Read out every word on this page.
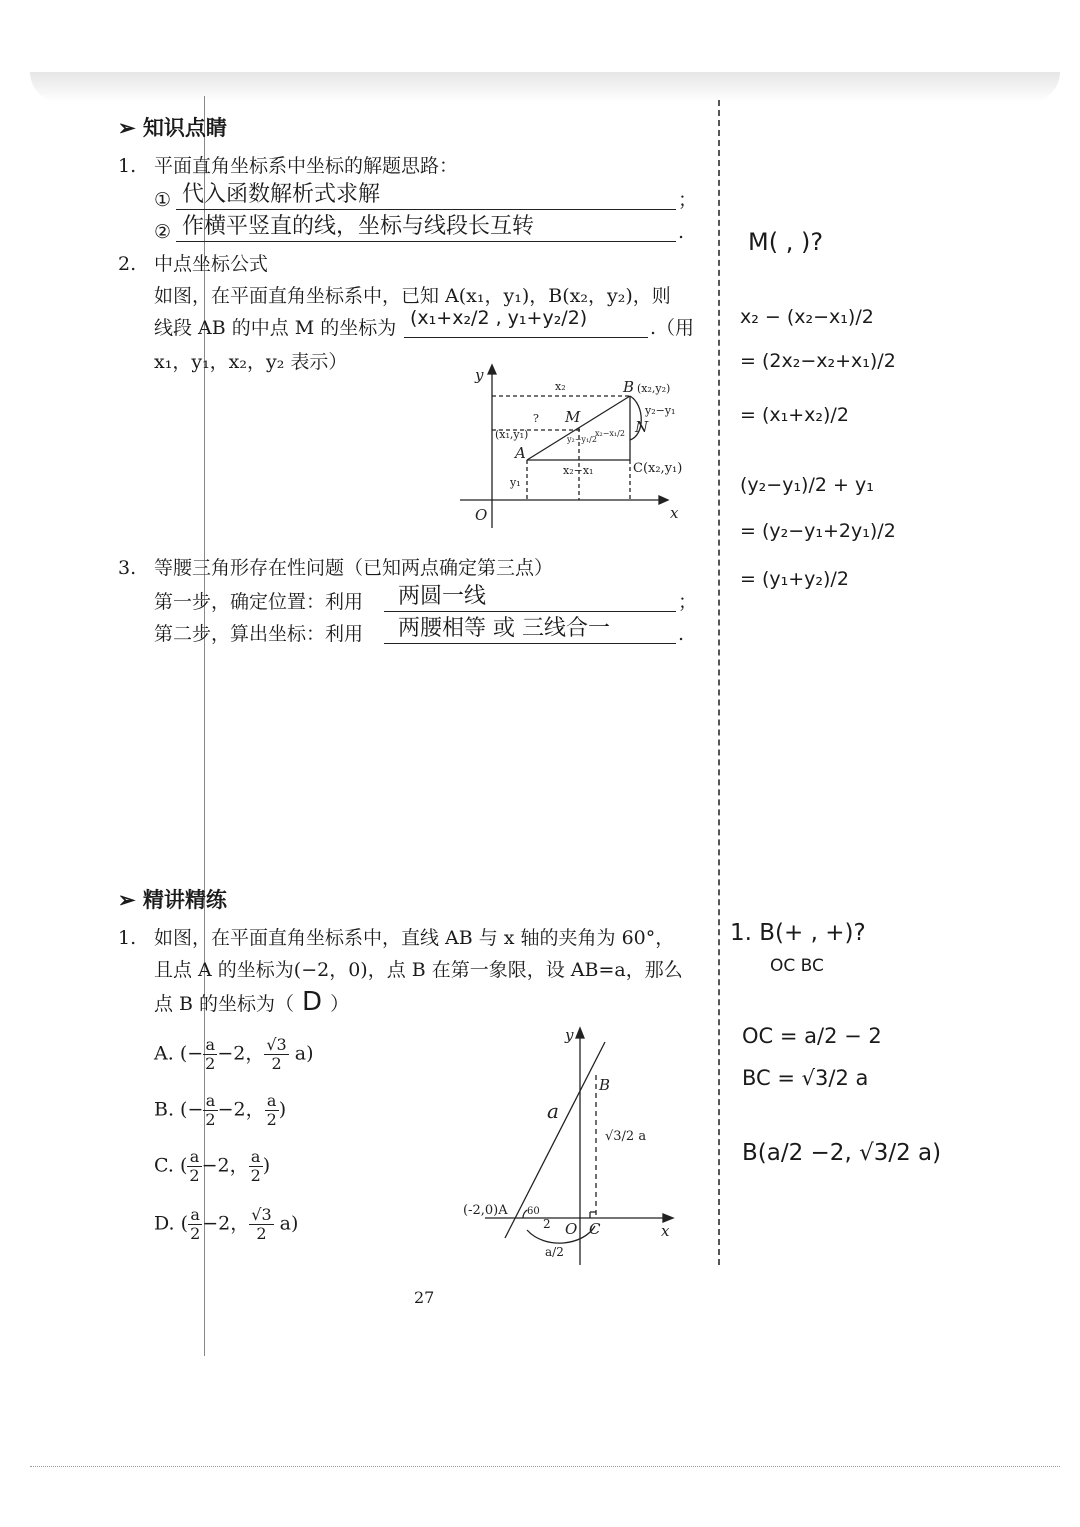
➢ 知识点睛
1. 平面直角坐标系中坐标的解题思路：
① 代入函数解析式求解	；
② 作横平竖直的线，坐标与线段长互转	.
2. 中点坐标公式
如图，在平面直角坐标系中，已知 A(x₁，y₁)，B(x₂，y₂)，则
线段 AB 的中点 M 的坐标为 (x₁+x₂/2 , y₁+y₂/2)	.（用
x₁，y₁，x₂，y₂ 表示）
y
x
O
A
B
M
N
(x₁,y₁)
(x₂,y₂)
C(x₂,y₁)
x₂
?
y₁
x₂−x₁
y₂−y₁
y₂−y₁/2
x₂−x₁/2
3. 等腰三角形存在性问题（已知两点确定第三点）
第一步，确定位置：利用 两圆一线	；
第二步，算出坐标：利用 两腰相等 或 三线合一	.
➢ 精讲精练
1. 如图，在平面直角坐标系中，直线 AB 与 x 轴的夹角为 60°，
且点 A 的坐标为(−2，0)，点 B 在第一象限，设 AB=a，那么
点 B 的坐标为（ D ）
A. (− $\frac{a}{2} -2$， $\frac{√3}{2} a$)
B. (− $\frac{a}{2} -2$， $\frac{a}{2}$ )
C. ( $\frac{a}{2} -2$， $\frac{a}{2}$ )
D. ( $\frac{a}{2} -2$， $\frac{√3}{2} a$)
y
x
O
B
C
(-2,0)A
a
60
2
a/2
√3/2 a
27
M( , )?
x₂ − (x₂−x₁)/2
= (2x₂−x₂+x₁)/2
= (x₁+x₂)/2
(y₂−y₁)/2 + y₁
= (y₂−y₁+2y₁)/2
= (y₁+y₂)/2
1. B(+ , +)?
OC BC
OC = a/2 − 2
BC = √3/2 a
B(a/2 −2, √3/2 a)
